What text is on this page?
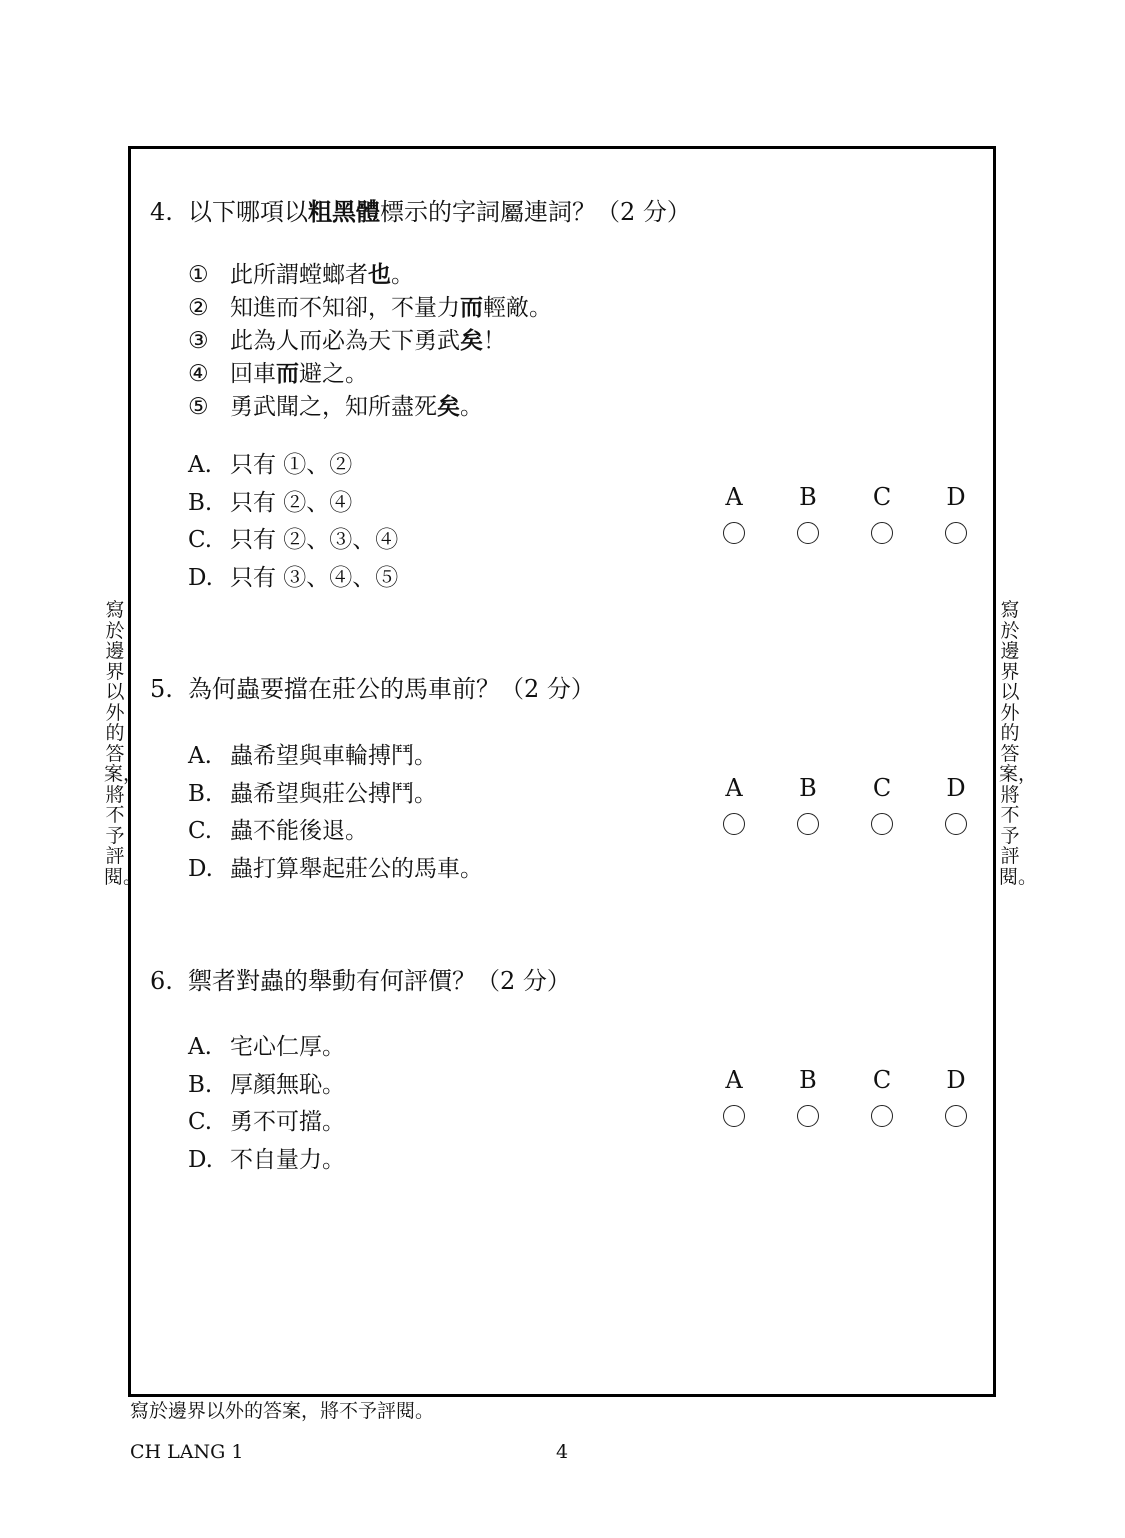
寫於邊界以外的答案，將不予評閱。
寫於邊界以外的答案，將不予評閱。
4. 以下哪項以粗黑體標示的字詞屬連詞？（2 分）
① 此所謂螳螂者也。
② 知進而不知卻，不量力而輕敵。
③ 此為人而必為天下勇武矣！
④ 回車而避之。
⑤ 勇武聞之，知所盡死矣。
A. 只有 ①、②
B. 只有 ②、④
C. 只有 ②、③、④
D. 只有 ③、④、⑤
A	B	C	D
5. 為何蟲要擋在莊公的馬車前？（2 分）
A. 蟲希望與車輪搏鬥。
B. 蟲希望與莊公搏鬥。
C. 蟲不能後退。
D. 蟲打算舉起莊公的馬車。
A	B	C	D
6. 禦者對蟲的舉動有何評價？（2 分）
A. 宅心仁厚。
B. 厚顏無恥。
C. 勇不可擋。
D. 不自量力。
A	B	C	D
寫於邊界以外的答案，將不予評閱。
CH LANG 1	4
